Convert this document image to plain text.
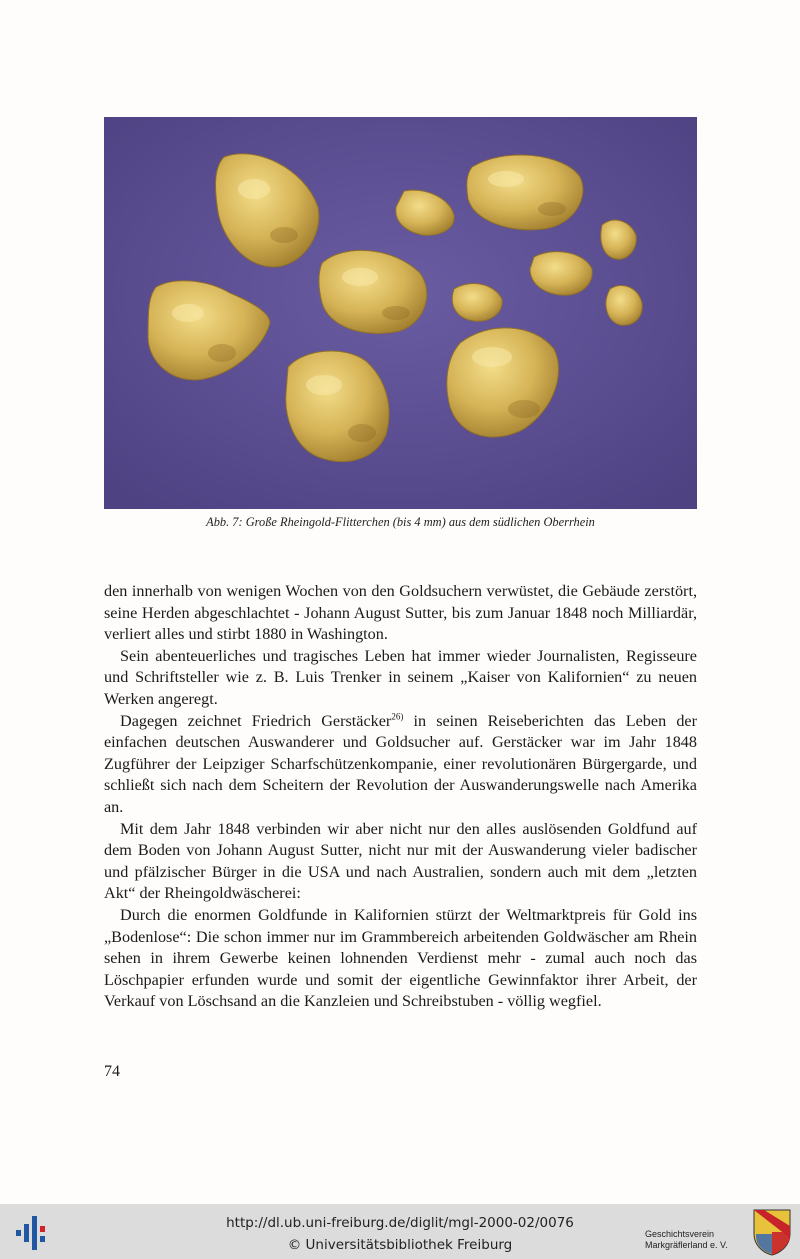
Abb. 7: Große Rheingold-Flitterchen (bis 4 mm) aus dem südlichen Oberrhein

den innerhalb von wenigen Wochen von den Goldsuchern verwüstet, die Gebäude zerstört, seine Herden abgeschlachtet - Johann August Sutter, bis zum Januar 1848 noch Milliardär, verliert alles und stirbt 1880 in Washington.

Sein abenteuerliches und tragisches Leben hat immer wieder Journalisten, Regisseure und Schriftsteller wie z. B. Luis Trenker in seinem „Kaiser von Kalifornien“ zu neuen Werken angeregt.

Dagegen zeichnet Friedrich Gerstäcker$^{26)}$ in seinen Reiseberichten das Leben der einfachen deutschen Auswanderer und Goldsucher auf. Gerstäcker war im Jahr 1848 Zugführer der Leipziger Scharfschützenkompanie, einer revolutionären Bürgergarde, und schließt sich nach dem Scheitern der Revolution der Auswanderungswelle nach Amerika an.

Mit dem Jahr 1848 verbinden wir aber nicht nur den alles auslösenden Goldfund auf dem Boden von Johann August Sutter, nicht nur mit der Auswanderung vieler badischer und pfälzischer Bürger in die USA und nach Australien, sondern auch mit dem „letzten Akt“ der Rheingoldwäscherei:

Durch die enormen Goldfunde in Kalifornien stürzt der Weltmarktpreis für Gold ins „Bodenlose“: Die schon immer nur im Grammbereich arbeitenden Goldwäscher am Rhein sehen in ihrem Gewerbe keinen lohnenden Verdienst mehr - zumal auch noch das Löschpapier erfunden wurde und somit der eigentliche Gewinnfaktor ihrer Arbeit, der Verkauf von Löschsand an die Kanzleien und Schreibstuben - völlig wegfiel.

74
http://dl.ub.uni-freiburg.de/diglit/mgl-2000-02/0076
© Universitätsbibliothek Freiburg
Geschichtsverein
Markgräflerland e. V.
